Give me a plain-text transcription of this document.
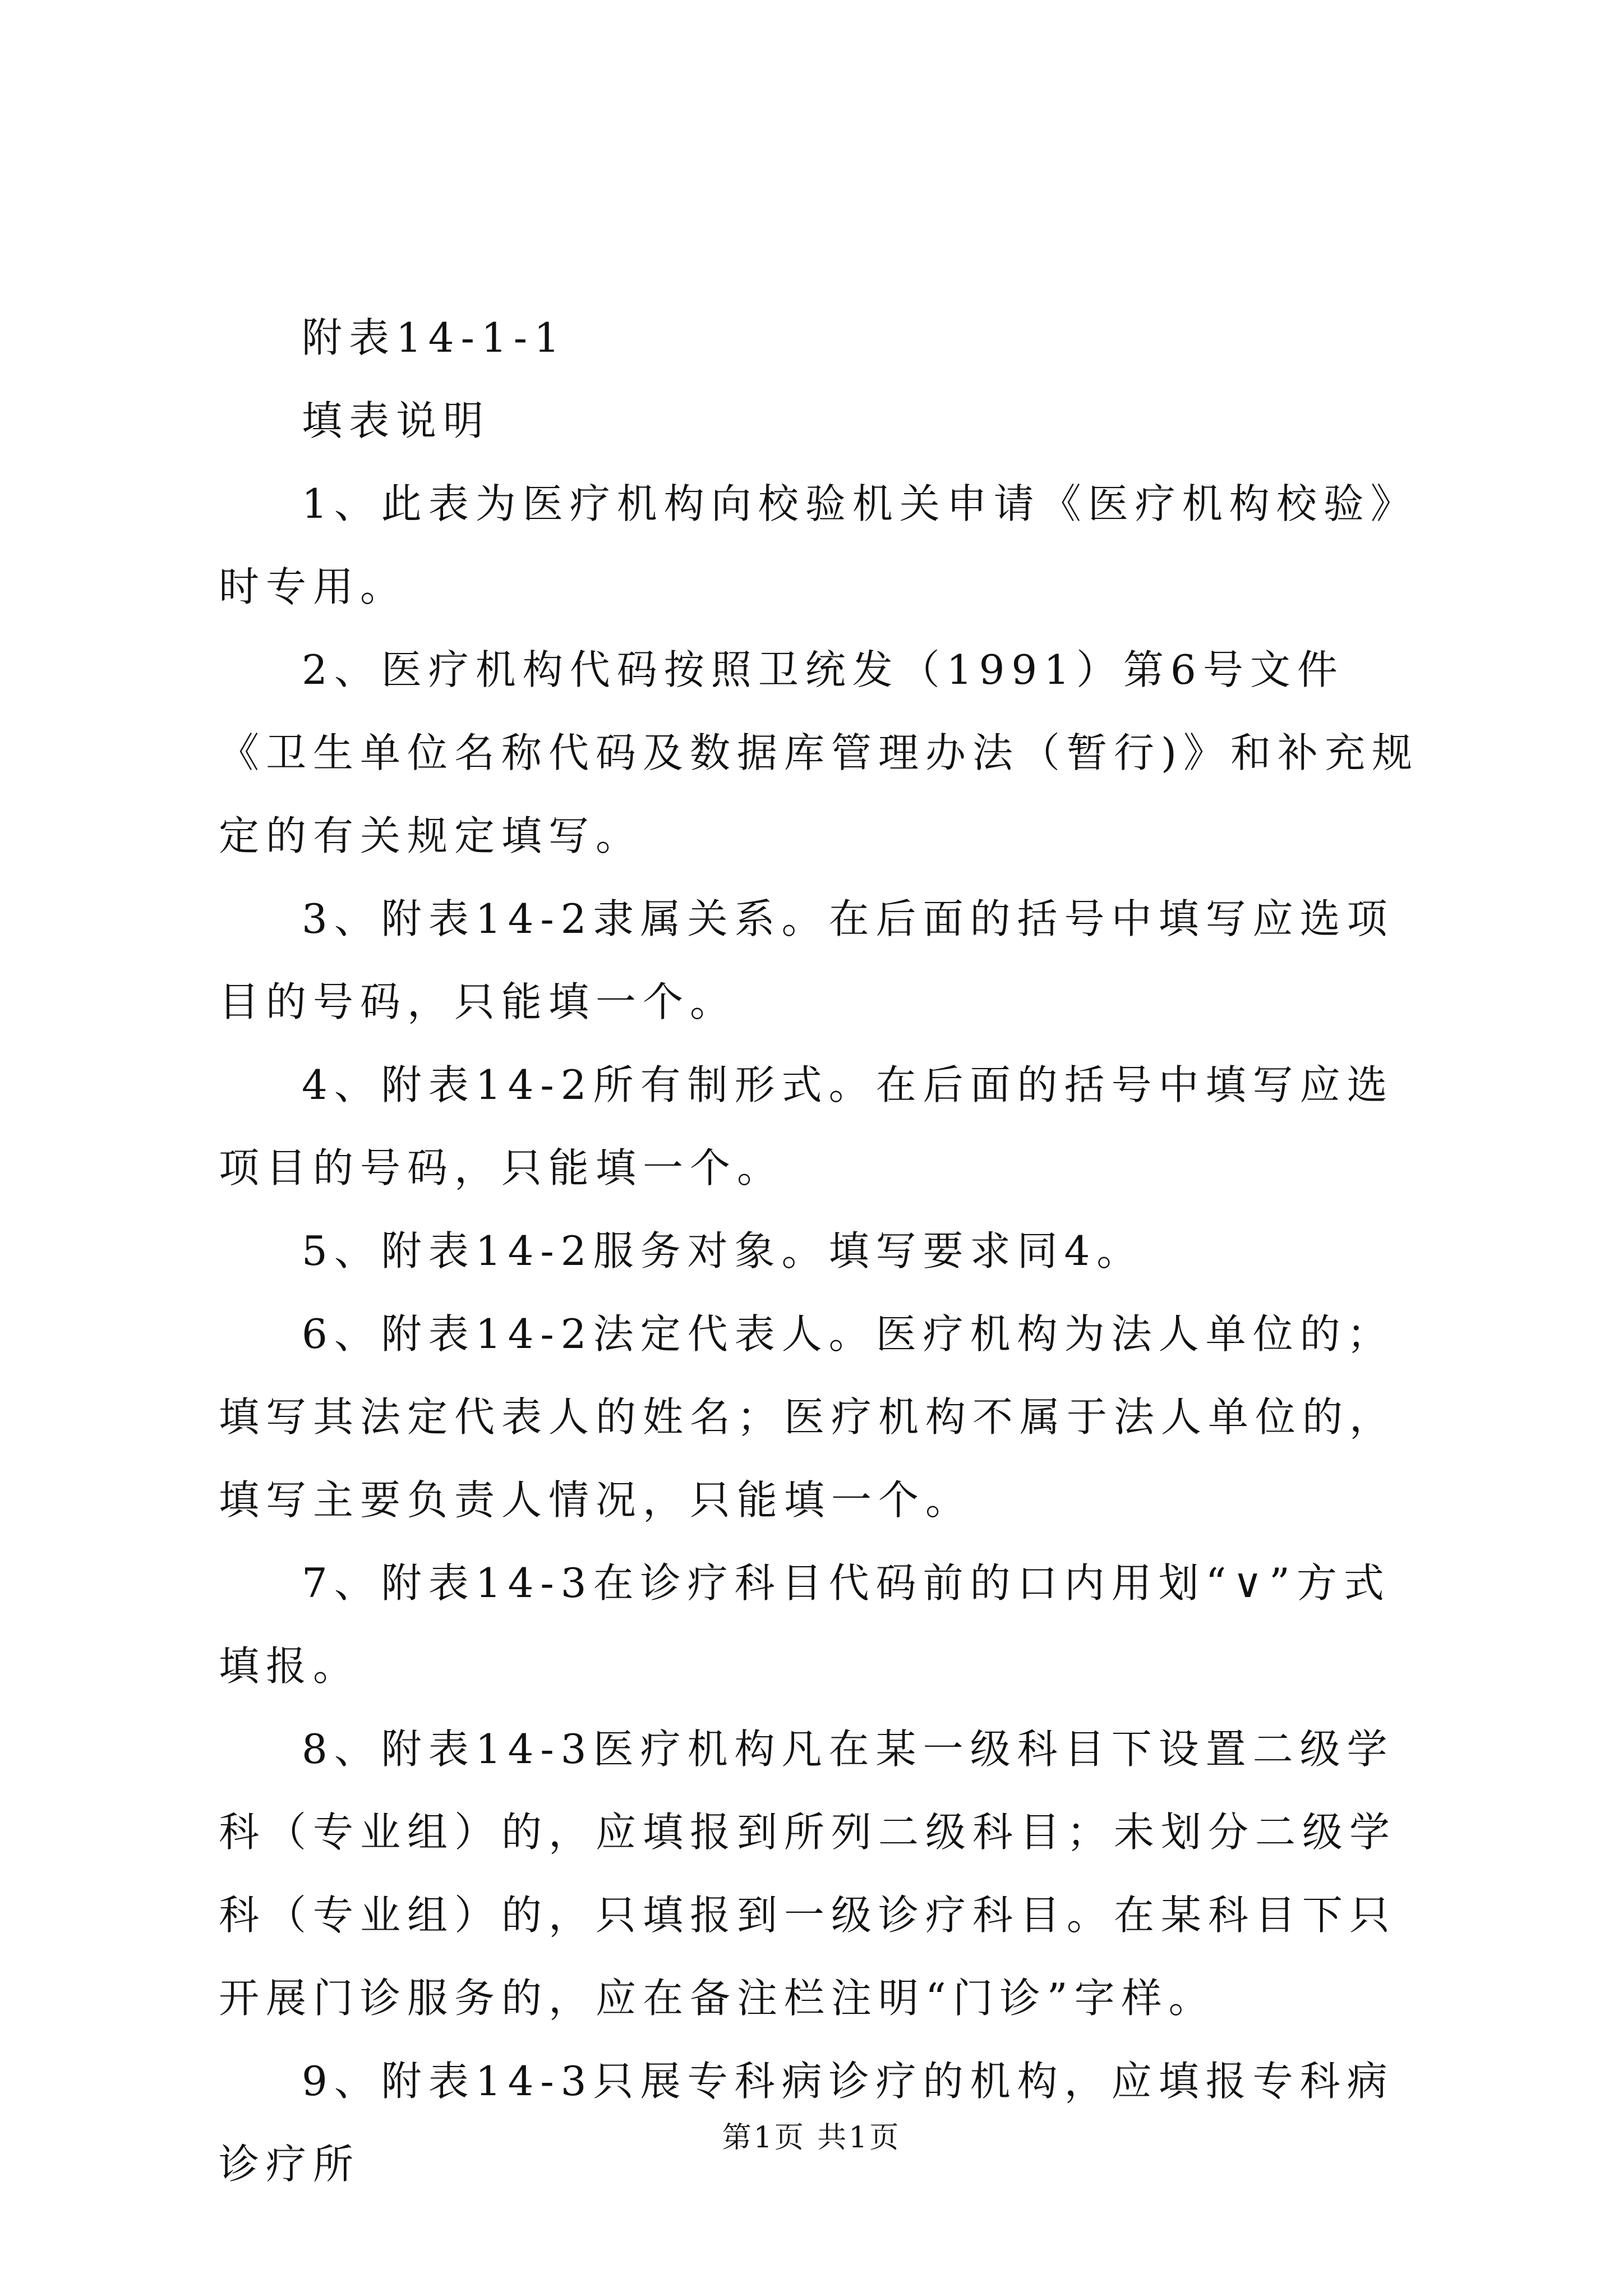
附表14-1-1

填表说明

1、此表为医疗机构向校验机关申请《医疗机构校验》时专用。

2、医疗机构代码按照卫统发（1991）第6号文件《卫生单位名称代码及数据库管理办法（暂行)》和补充规定的有关规定填写。

3、附表14-2隶属关系。在后面的括号中填写应选项目的号码，只能填一个。

4、附表14-2所有制形式。在后面的括号中填写应选项目的号码，只能填一个。

5、附表14-2服务对象。填写要求同4。

6、附表14-2法定代表人。医疗机构为法人单位的；填写其法定代表人的姓名；医疗机构不属于法人单位的，填写主要负责人情况，只能填一个。

7、附表14-3在诊疗科目代码前的口内用划“∨”方式填报。

8、附表14-3医疗机构凡在某一级科目下设置二级学科（专业组）的，应填报到所列二级科目；未划分二级学科（专业组）的，只填报到一级诊疗科目。在某科目下只开展门诊服务的，应在备注栏注明“门诊”字样。

9、附表14-3只展专科病诊疗的机构，应填报专科病诊疗所

第1页 共1页
